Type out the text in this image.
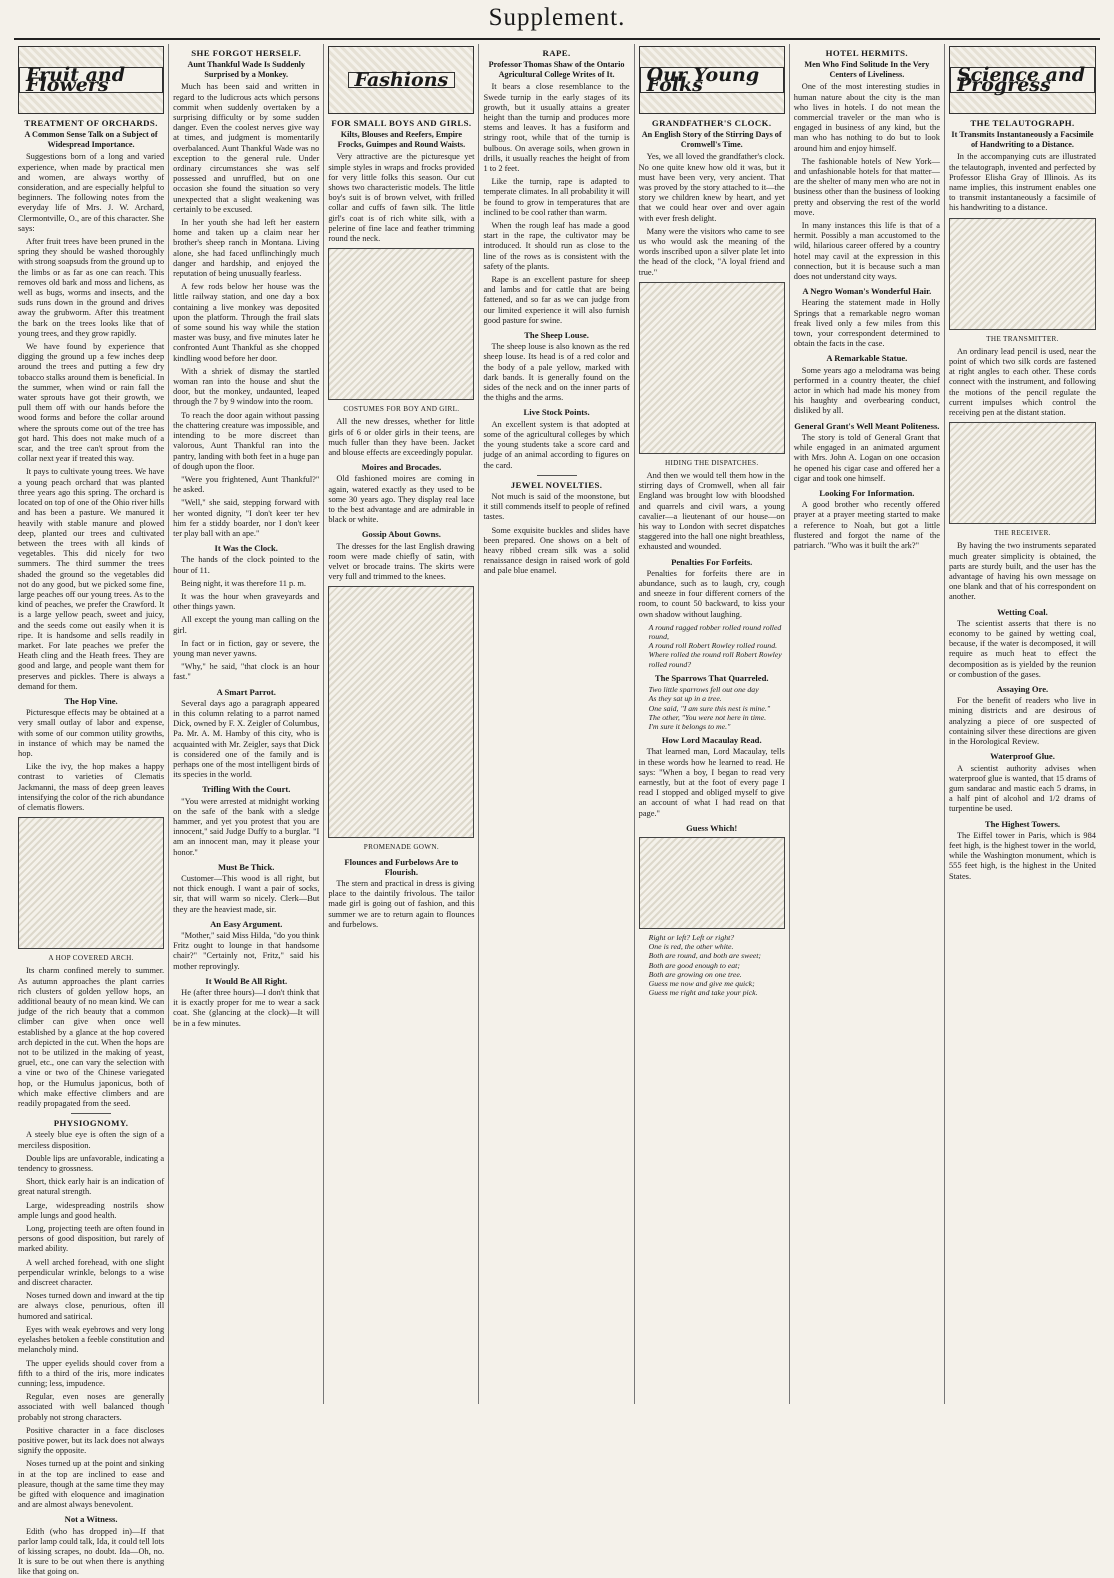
Supplement.
Fruit and Flowers
TREATMENT OF ORCHARDS.
A Common Sense Talk on a Subject of Widespread Importance.

Suggestions born of a long and varied experience, when made by practical men and women, are always worthy of consideration, and are especially helpful to beginners. The following notes from the everyday life of Mrs. J. W. Archard, Clermontville, O., are of this character. She says:

After fruit trees have been pruned in the spring they should be washed thoroughly with strong soapsuds from the ground up to the limbs or as far as one can reach. This removes old bark and moss and lichens, as well as bugs, worms and insects, and the suds runs down in the ground and drives away the grubworm. After this treatment the bark on the trees looks like that of young trees, and they grow rapidly.

We have found by experience that digging the ground up a few inches deep around the trees and putting a few dry tobacco stalks around them is beneficial. In the summer, when wind or rain fall the water sprouts have got their growth, we pull them off with our hands before the wood forms and before the collar around where the sprouts come out of the tree has got hard. This does not make much of a scar, and the tree can't sprout from the collar next year if treated this way.

It pays to cultivate young trees. We have a young peach orchard that was planted three years ago this spring. The orchard is located on top of one of the Ohio river hills and has been a pasture. We manured it heavily with stable manure and plowed deep, planted our trees and cultivated between the trees with all kinds of vegetables. This did nicely for two summers. The third summer the trees shaded the ground so the vegetables did not do any good, but we picked some fine, large peaches off our young trees. As to the kind of peaches, we prefer the Crawford. It is a large yellow peach, sweet and juicy, and the seeds come out easily when it is ripe. It is handsome and sells readily in market. For late peaches we prefer the Heath cling and the Heath frees. They are good and large, and people want them for preserves and pickles. There is always a demand for them.

The Hop Vine.

Picturesque effects may be obtained at a very small outlay of labor and expense, with some of our common utility growths, in instance of which may be named the hop.

Like the ivy, the hop makes a happy contrast to varieties of Clematis Jackmanni, the mass of deep green leaves intensifying the color of the rich abundance of clematis flowers.

A HOP COVERED ARCH.

Its charm confined merely to summer. As autumn approaches the plant carries rich clusters of golden yellow hops, an additional beauty of no mean kind. We can judge of the rich beauty that a common climber can give when once well established by a glance at the hop covered arch depicted in the cut. When the hops are not to be utilized in the making of yeast, gruel, etc., one can vary the selection with a vine or two of the Chinese variegated hop, or the Humulus japonicus, both of which make effective climbers and are readily propagated from the seed.

PHYSIOGNOMY.

A steely blue eye is often the sign of a merciless disposition.

Double lips are unfavorable, indicating a tendency to grossness.

Short, thick early hair is an indication of great natural strength.

Large, widespreading nostrils show ample lungs and good health.

Long, projecting teeth are often found in persons of good disposition, but rarely of marked ability.

A well arched forehead, with one slight perpendicular wrinkle, belongs to a wise and discreet character.

Noses turned down and inward at the tip are always close, penurious, often ill humored and satirical.

Eyes with weak eyebrows and very long eyelashes betoken a feeble constitution and melancholy mind.

The upper eyelids should cover from a fifth to a third of the iris, more indicates cunning; less, impudence.

Regular, even noses are generally associated with well balanced though probably not strong characters.

Positive character in a face discloses positive power, but its lack does not always signify the opposite.

Noses turned up at the point and sinking in at the top are inclined to ease and pleasure, though at the same time they may be gifted with eloquence and imagination and are almost always benevolent.

Not a Witness.

Edith (who has dropped in)—If that parlor lamp could talk, Ida, it could tell lots of kissing scrapes, no doubt. Ida—Oh, no. It is sure to be out when there is anything like that going on.

SHE FORGOT HERSELF.
Aunt Thankful Wade Is Suddenly Surprised by a Monkey.

Much has been said and written in regard to the ludicrous acts which persons commit when suddenly overtaken by a surprising difficulty or by some sudden danger. Even the coolest nerves give way at times, and judgment is momentarily overbalanced. Aunt Thankful Wade was no exception to the general rule. Under ordinary circumstances she was self possessed and unruffled, but on one occasion she found the situation so very unexpected that a slight weakening was certainly to be excused.

In her youth she had left her eastern home and taken up a claim near her brother's sheep ranch in Montana. Living alone, she had faced unflinchingly much danger and hardship, and enjoyed the reputation of being unusually fearless.

A few rods below her house was the little railway station, and one day a box containing a live monkey was deposited upon the platform. Through the frail slats of some sound his way while the station master was busy, and five minutes later he confronted Aunt Thankful as she chopped kindling wood before her door.

With a shriek of dismay the startled woman ran into the house and shut the door, but the monkey, undaunted, leaped through the 7 by 9 window into the room.

To reach the door again without passing the chattering creature was impossible, and intending to be more discreet than valorous, Aunt Thankful ran into the pantry, landing with both feet in a huge pan of dough upon the floor.

"Were you frightened, Aunt Thankful?" he asked.

"Well," she said, stepping forward with her wonted dignity, "I don't keer ter hev him fer a stiddy boarder, nor I don't keer ter play ball with an ape."

It Was the Clock.

The hands of the clock pointed to the hour of 11.

Being night, it was therefore 11 p. m.

It was the hour when graveyards and other things yawn.

All except the young man calling on the girl.

In fact or in fiction, gay or severe, the young man never yawns.

"Why," he said, "that clock is an hour fast."

A Smart Parrot.

Several days ago a paragraph appeared in this column relating to a parrot named Dick, owned by F. X. Zeigler of Columbus, Pa. Mr. A. M. Hamby of this city, who is acquainted with Mr. Zeigler, says that Dick is considered one of the family and is perhaps one of the most intelligent birds of its species in the world.

Trifling With the Court.

"You were arrested at midnight working on the safe of the bank with a sledge hammer, and yet you protest that you are innocent," said Judge Duffy to a burglar. "I am an innocent man, may it please your honor."

Must Be Thick.

Customer—This wood is all right, but not thick enough. I want a pair of socks, sir, that will warm so nicely. Clerk—But they are the heaviest made, sir.

An Easy Argument.

"Mother," said Miss Hilda, "do you think Fritz ought to lounge in that handsome chair?" "Certainly not, Fritz," said his mother reprovingly.

It Would Be All Right.

He (after three hours)—I don't think that it is exactly proper for me to wear a sack coat. She (glancing at the clock)—It will be in a few minutes.

Fashions
FOR SMALL BOYS AND GIRLS.
Kilts, Blouses and Reefers, Empire Frocks, Guimpes and Round Waists.

Very attractive are the picturesque yet simple styles in wraps and frocks provided for very little folks this season. Our cut shows two characteristic models. The little boy's suit is of brown velvet, with frilled collar and cuffs of fawn silk. The little girl's coat is of rich white silk, with a pelerine of fine lace and feather trimming round the neck.

COSTUMES FOR BOY AND GIRL.

All the new dresses, whether for little girls of 6 or older girls in their teens, are much fuller than they have been. Jacket and blouse effects are exceedingly popular.

Moires and Brocades.

Old fashioned moires are coming in again, watered exactly as they used to be some 30 years ago. They display real lace to the best advantage and are admirable in black or white.

Gossip About Gowns.

The dresses for the last English drawing room were made chiefly of satin, with velvet or brocade trains. The skirts were very full and trimmed to the knees.

PROMENADE GOWN.
Flounces and Furbelows Are to Flourish.

The stern and practical in dress is giving place to the daintily frivolous. The tailor made girl is going out of fashion, and this summer we are to return again to flounces and furbelows.

RAPE.
Professor Thomas Shaw of the Ontario Agricultural College Writes of It.

It bears a close resemblance to the Swede turnip in the early stages of its growth, but it usually attains a greater height than the turnip and produces more stems and leaves. It has a fusiform and stringy root, while that of the turnip is bulbous. On average soils, when grown in drills, it usually reaches the height of from 1 to 2 feet.

Like the turnip, rape is adapted to temperate climates. In all probability it will be found to grow in temperatures that are inclined to be cool rather than warm.

When the rough leaf has made a good start in the rape, the cultivator may be introduced. It should run as close to the line of the rows as is consistent with the safety of the plants.

Rape is an excellent pasture for sheep and lambs and for cattle that are being fattened, and so far as we can judge from our limited experience it will also furnish good pasture for swine.

The Sheep Louse.

The sheep louse is also known as the red sheep louse. Its head is of a red color and the body of a pale yellow, marked with dark bands. It is generally found on the sides of the neck and on the inner parts of the thighs and the arms.

Live Stock Points.

An excellent system is that adopted at some of the agricultural colleges by which the young students take a score card and judge of an animal according to figures on the card.

JEWEL NOVELTIES.

Not much is said of the moonstone, but it still commends itself to people of refined tastes.

Some exquisite buckles and slides have been prepared. One shows on a belt of heavy ribbed cream silk was a solid renaissance design in raised work of gold and pale blue enamel.

Our Young Folks
GRANDFATHER'S CLOCK.
An English Story of the Stirring Days of Cromwell's Time.

Yes, we all loved the grandfather's clock. No one quite knew how old it was, but it must have been very, very ancient. That was proved by the story attached to it—the story we children knew by heart, and yet that we could hear over and over again with ever fresh delight.

Many were the visitors who came to see us who would ask the meaning of the words inscribed upon a silver plate let into the head of the clock, "A loyal friend and true."

HIDING THE DISPATCHES.

And then we would tell them how in the stirring days of Cromwell, when all fair England was brought low with bloodshed and quarrels and civil wars, a young cavalier—a lieutenant of our house—on his way to London with secret dispatches staggered into the hall one night breathless, exhausted and wounded.

Penalties For Forfeits.

Penalties for forfeits there are in abundance, such as to laugh, cry, cough and sneeze in four different corners of the room, to count 50 backward, to kiss your own shadow without laughing.

A round ragged robber rolled round rolled round,
A round roll Robert Rowley rolled round.
Where rolled the round roll Robert Rowley rolled round?
The Sparrows That Quarreled.
Two little sparrows fell out one day
As they sat up in a tree.
One said, "I am sure this nest is mine."
The other, "You were not here in time.
I'm sure it belongs to me."
How Lord Macaulay Read.

That learned man, Lord Macaulay, tells in these words how he learned to read. He says: "When a boy, I began to read very earnestly, but at the foot of every page I read I stopped and obliged myself to give an account of what I had read on that page."

Guess Which!
Right or left? Left or right?
One is red, the other white.
Both are round, and both are sweet;
Both are good enough to eat;
Both are growing on one tree.
Guess me now and give me quick;
Guess me right and take your pick.
HOTEL HERMITS.
Men Who Find Solitude In the Very Centers of Liveliness.

One of the most interesting studies in human nature about the city is the man who lives in hotels. I do not mean the commercial traveler or the man who is engaged in business of any kind, but the man who has nothing to do but to look around him and enjoy himself.

The fashionable hotels of New York—and unfashionable hotels for that matter—are the shelter of many men who are not in business other than the business of looking pretty and observing the rest of the world move.

In many instances this life is that of a hermit. Possibly a man accustomed to the wild, hilarious career offered by a country hotel may cavil at the expression in this connection, but it is because such a man does not understand city ways.

A Negro Woman's Wonderful Hair.

Hearing the statement made in Holly Springs that a remarkable negro woman freak lived only a few miles from this town, your correspondent determined to obtain the facts in the case.

A Remarkable Statue.

Some years ago a melodrama was being performed in a country theater, the chief actor in which had made his money from his haughty and overbearing conduct, disliked by all.

General Grant's Well Meant Politeness.

The story is told of General Grant that while engaged in an animated argument with Mrs. John A. Logan on one occasion he opened his cigar case and offered her a cigar and took one himself.

Looking For Information.

A good brother who recently offered prayer at a prayer meeting started to make a reference to Noah, but got a little flustered and forgot the name of the patriarch. "Who was it built the ark?"

Science and Progress
THE TELAUTOGRAPH.
It Transmits Instantaneously a Facsimile of Handwriting to a Distance.

In the accompanying cuts are illustrated the telautograph, invented and perfected by Professor Elisha Gray of Illinois. As its name implies, this instrument enables one to transmit instantaneously a facsimile of his handwriting to a distance.

THE TRANSMITTER.

An ordinary lead pencil is used, near the point of which two silk cords are fastened at right angles to each other. These cords connect with the instrument, and following the motions of the pencil regulate the current impulses which control the receiving pen at the distant station.

THE RECEIVER.

By having the two instruments separated much greater simplicity is obtained, the parts are sturdy built, and the user has the advantage of having his own message on one blank and that of his correspondent on another.

Wetting Coal.

The scientist asserts that there is no economy to be gained by wetting coal, because, if the water is decomposed, it will require as much heat to effect the decomposition as is yielded by the reunion or combustion of the gases.

Assaying Ore.

For the benefit of readers who live in mining districts and are desirous of analyzing a piece of ore suspected of containing silver these directions are given in the Horological Review.

Waterproof Glue.

A scientist authority advises when waterproof glue is wanted, that 15 drams of gum sandarac and mastic each 5 drams, in a half pint of alcohol and 1/2 drams of turpentine be used.

The Highest Towers.

The Eiffel tower in Paris, which is 984 feet high, is the highest tower in the world, while the Washington monument, which is 555 feet high, is the highest in the United States.
